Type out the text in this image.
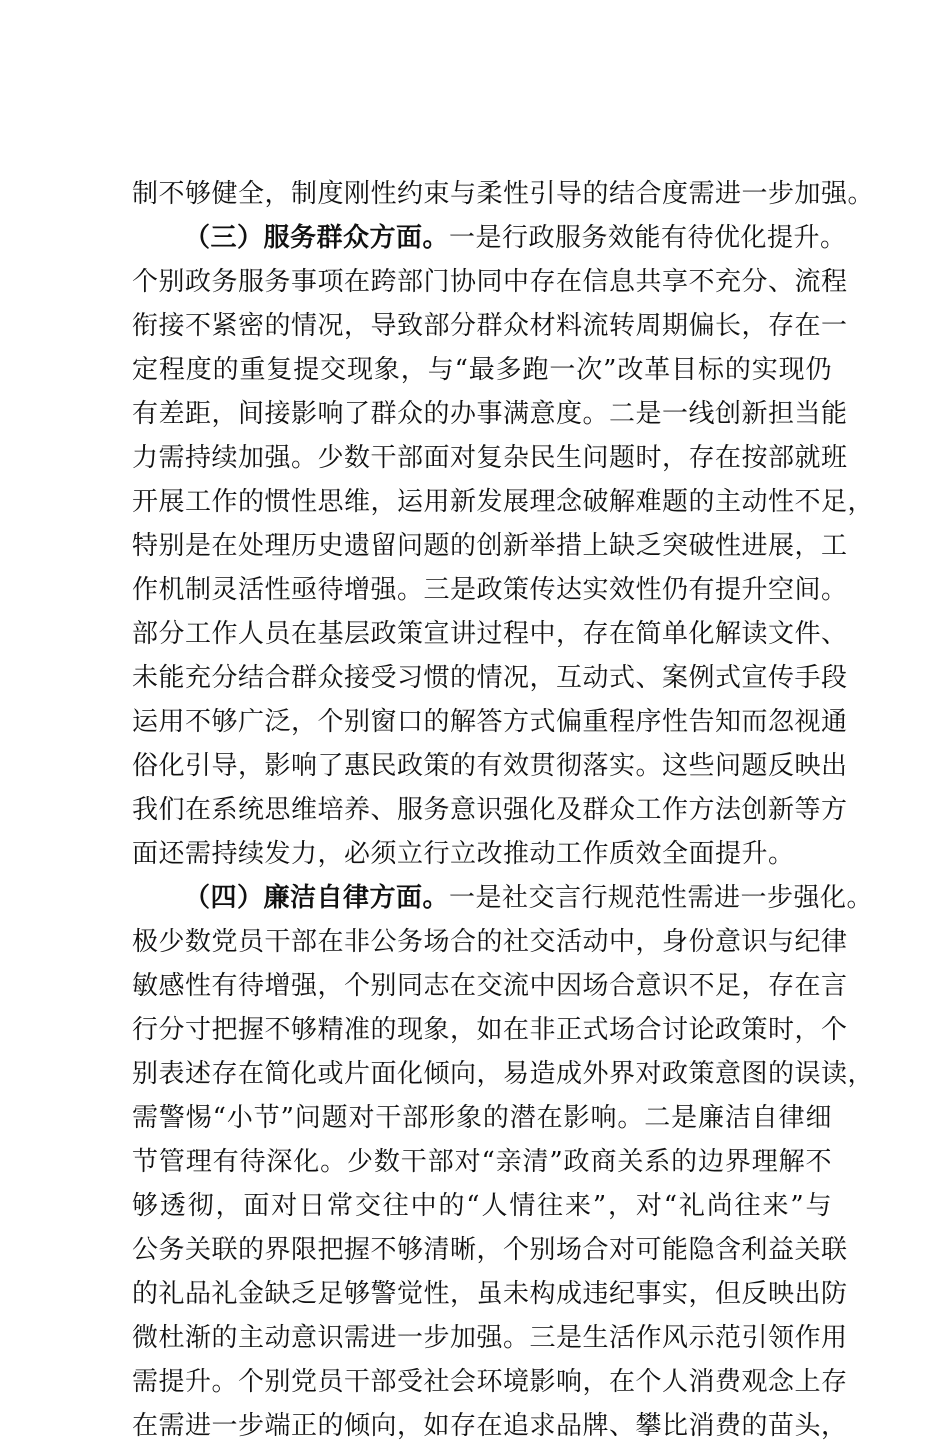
制不够健全，制度刚性约束与柔性引导的结合度需进一步加强。
（三）服务群众方面。一是行政服务效能有待优化提升。
个别政务服务事项在跨部门协同中存在信息共享不充分、流程
衔接不紧密的情况，导致部分群众材料流转周期偏长，存在一
定程度的重复提交现象，与“最多跑一次”改革目标的实现仍
有差距，间接影响了群众的办事满意度。二是一线创新担当能
力需持续加强。少数干部面对复杂民生问题时，存在按部就班
开展工作的惯性思维，运用新发展理念破解难题的主动性不足，
特别是在处理历史遗留问题的创新举措上缺乏突破性进展，工
作机制灵活性亟待增强。三是政策传达实效性仍有提升空间。
部分工作人员在基层政策宣讲过程中，存在简单化解读文件、
未能充分结合群众接受习惯的情况，互动式、案例式宣传手段
运用不够广泛，个别窗口的解答方式偏重程序性告知而忽视通
俗化引导，影响了惠民政策的有效贯彻落实。这些问题反映出
我们在系统思维培养、服务意识强化及群众工作方法创新等方
面还需持续发力，必须立行立改推动工作质效全面提升。
（四）廉洁自律方面。一是社交言行规范性需进一步强化。
极少数党员干部在非公务场合的社交活动中，身份意识与纪律
敏感性有待增强，个别同志在交流中因场合意识不足，存在言
行分寸把握不够精准的现象，如在非正式场合讨论政策时，个
别表述存在简化或片面化倾向，易造成外界对政策意图的误读，
需警惕“小节”问题对干部形象的潜在影响。二是廉洁自律细
节管理有待深化。少数干部对“亲清”政商关系的边界理解不
够透彻，面对日常交往中的“人情往来”，对“礼尚往来”与
公务关联的界限把握不够清晰，个别场合对可能隐含利益关联
的礼品礼金缺乏足够警觉性，虽未构成违纪事实，但反映出防
微杜渐的主动意识需进一步加强。三是生活作风示范引领作用
需提升。个别党员干部受社会环境影响，在个人消费观念上存
在需进一步端正的倾向，如存在追求品牌、攀比消费的苗头，
